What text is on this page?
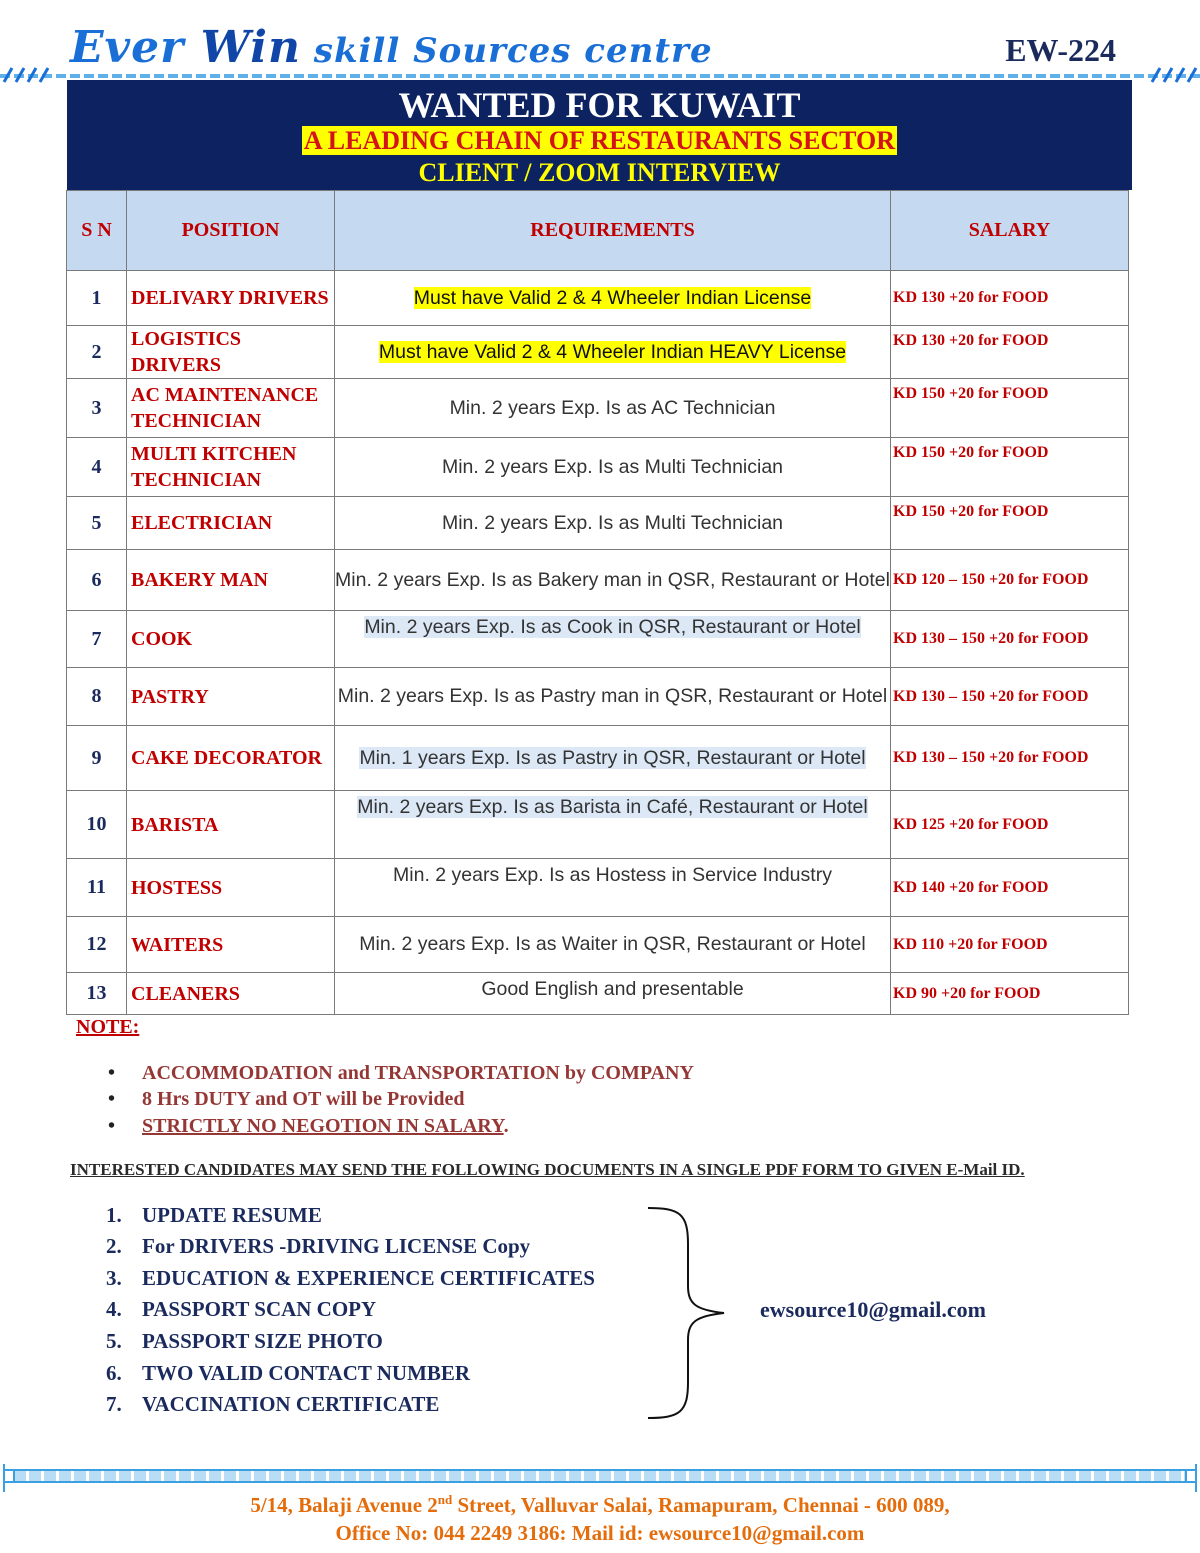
Ever Win skill Sources centre	EW-224
WANTED FOR KUWAIT
A LEADING CHAIN OF RESTAURANTS SECTOR
CLIENT / ZOOM INTERVIEW
S N	POSITION	REQUIREMENTS	SALARY
1	DELIVARY DRIVERS	Must have Valid 2 & 4 Wheeler Indian License	KD 130 +20 for FOOD
2	LOGISTICS DRIVERS	Must have Valid 2 & 4 Wheeler Indian HEAVY License	KD 130 +20 for FOOD
3	AC MAINTENANCE TECHNICIAN	Min. 2 years Exp. Is as AC Technician	KD 150 +20 for FOOD
4	MULTI KITCHEN TECHNICIAN	Min. 2 years Exp. Is as Multi Technician	KD 150 +20 for FOOD
5	ELECTRICIAN	Min. 2 years Exp. Is as Multi Technician	KD 150 +20 for FOOD
6	BAKERY MAN	Min. 2 years Exp. Is as Bakery man in QSR, Restaurant or Hotel	KD 120 – 150 +20 for FOOD
7	COOK	Min. 2 years Exp. Is as Cook in QSR, Restaurant or Hotel	KD 130 – 150 +20 for FOOD
8	PASTRY	Min. 2 years Exp. Is as Pastry man in QSR, Restaurant or Hotel	KD 130 – 150 +20 for FOOD
9	CAKE DECORATOR	Min. 1 years Exp. Is as Pastry in QSR, Restaurant or Hotel	KD 130 – 150 +20 for FOOD
10	BARISTA	Min. 2 years Exp. Is as Barista in Café, Restaurant or Hotel	KD 125 +20 for FOOD
11	HOSTESS	Min. 2 years Exp. Is as Hostess in Service Industry	KD 140 +20 for FOOD
12	WAITERS	Min. 2 years Exp. Is as Waiter in QSR, Restaurant or Hotel	KD 110 +20 for FOOD
13	CLEANERS	Good English and presentable	KD 90 +20 for FOOD
NOTE:
• ACCOMMODATION and TRANSPORTATION by COMPANY
• 8 Hrs DUTY and OT will be Provided
• STRICTLY NO NEGOTION IN SALARY.
INTERESTED CANDIDATES MAY SEND THE FOLLOWING DOCUMENTS IN A SINGLE PDF FORM TO GIVEN E-Mail ID.
1. UPDATE RESUME
2. For DRIVERS -DRIVING LICENSE Copy
3. EDUCATION & EXPERIENCE CERTIFICATES
4. PASSPORT SCAN COPY
5. PASSPORT SIZE PHOTO
6. TWO VALID CONTACT NUMBER
7. VACCINATION CERTIFICATE
ewsource10@gmail.com
5/14, Balaji Avenue 2nd Street, Valluvar Salai, Ramapuram, Chennai - 600 089,
Office No: 044 2249 3186: Mail id: ewsource10@gmail.com
